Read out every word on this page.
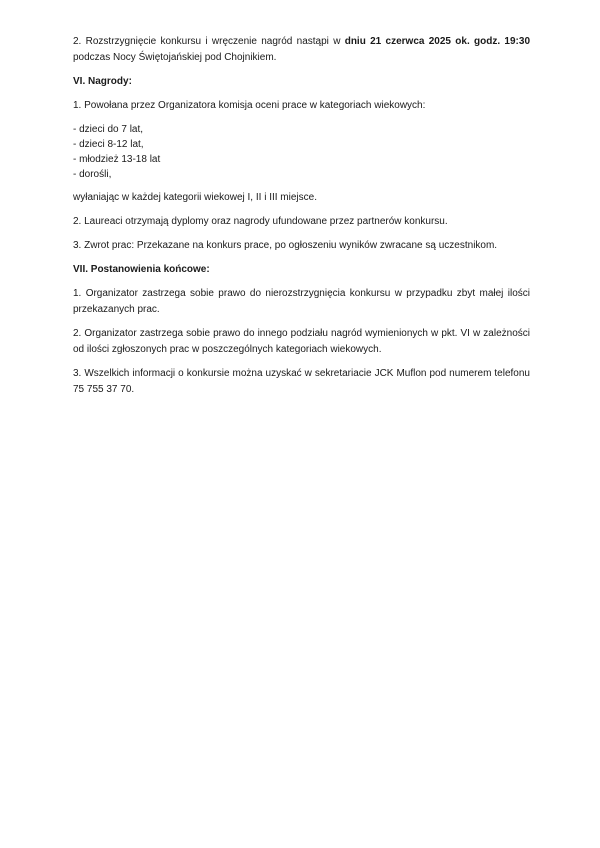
2. Rozstrzygnięcie konkursu i wręczenie nagród nastąpi w dniu 21 czerwca 2025 ok. godz. 19:30 podczas Nocy Świętojańskiej pod Chojnikiem.

VI. Nagrody:

1. Powołana przez Organizatora komisja oceni prace w kategoriach wiekowych:

- dzieci do 7 lat,
- dzieci 8-12 lat,
- młodzież 13-18 lat
- dorośli,

wyłaniając w każdej kategorii wiekowej I, II i III miejsce.

2. Laureaci otrzymają dyplomy oraz nagrody ufundowane przez partnerów konkursu.

3. Zwrot prac: Przekazane na konkurs prace, po ogłoszeniu wyników zwracane są uczestnikom.

VII. Postanowienia końcowe:

1. Organizator zastrzega sobie prawo do nierozstrzygnięcia konkursu w przypadku zbyt małej ilości przekazanych prac.

2. Organizator zastrzega sobie prawo do innego podziału nagród wymienionych w pkt. VI w zależności od ilości zgłoszonych prac w poszczególnych kategoriach wiekowych.

3. Wszelkich informacji o konkursie można uzyskać w sekretariacie JCK Muflon pod numerem telefonu 75 755 37 70.
